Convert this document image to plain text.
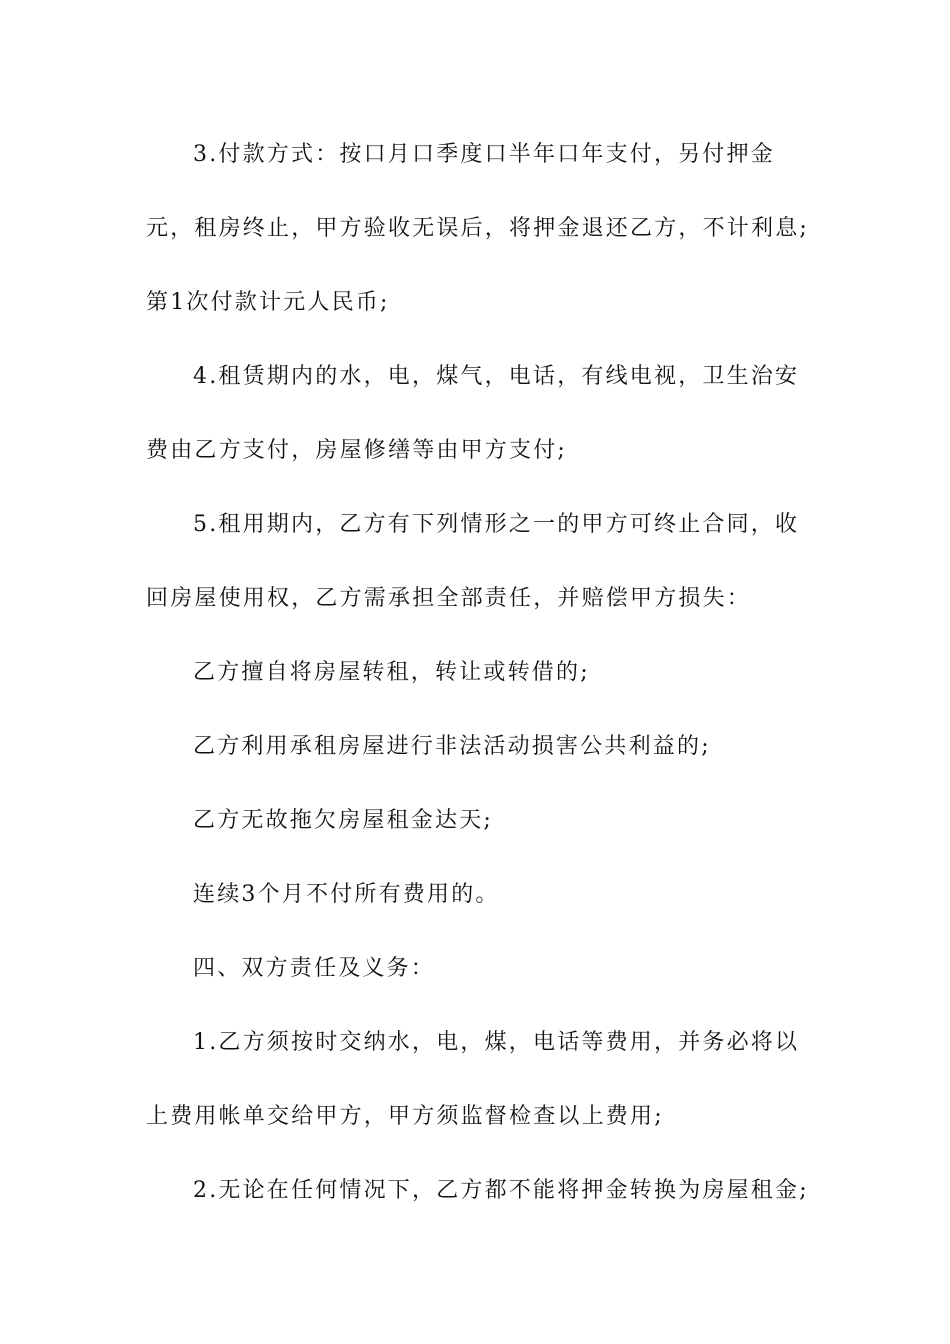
3.付款方式：按口月口季度口半年口年支付，另付押金元，租房终止，甲方验收无误后，将押金退还乙方，不计利息;第1次付款计元人民币;

4.租赁期内的水，电，煤气，电话，有线电视，卫生治安费由乙方支付，房屋修缮等由甲方支付;

5.租用期内，乙方有下列情形之一的甲方可终止合同，收回房屋使用权，乙方需承担全部责任，并赔偿甲方损失：

乙方擅自将房屋转租，转让或转借的;

乙方利用承租房屋进行非法活动损害公共利益的;

乙方无故拖欠房屋租金达天;

连续3个月不付所有费用的。

四、双方责任及义务：

1.乙方须按时交纳水，电，煤，电话等费用，并务必将以上费用帐单交给甲方，甲方须监督检查以上费用;

2.无论在任何情况下，乙方都不能将押金转换为房屋租金;
